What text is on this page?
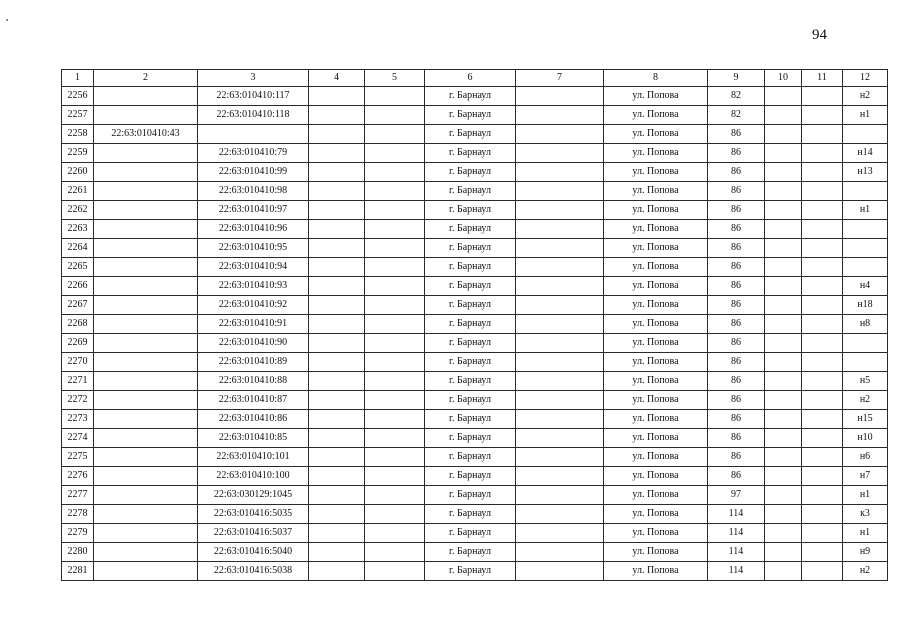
94
1	2	3	4	5	6	7	8	9	10	11	12
2256		22:63:010410:117			г. Барнаул		ул. Попова	82			н2
2257		22:63:010410:118			г. Барнаул		ул. Попова	82			н1
2258	22:63:010410:43				г. Барнаул		ул. Попова	86			
2259		22:63:010410:79			г. Барнаул		ул. Попова	86			н14
2260		22:63:010410:99			г. Барнаул		ул. Попова	86			н13
2261		22:63:010410:98			г. Барнаул		ул. Попова	86			
2262		22:63:010410:97			г. Барнаул		ул. Попова	86			н1
2263		22:63:010410:96			г. Барнаул		ул. Попова	86			
2264		22:63:010410:95			г. Барнаул		ул. Попова	86			
2265		22:63:010410:94			г. Барнаул		ул. Попова	86			
2266		22:63:010410:93			г. Барнаул		ул. Попова	86			н4
2267		22:63:010410:92			г. Барнаул		ул. Попова	86			н18
2268		22:63:010410:91			г. Барнаул		ул. Попова	86			н8
2269		22:63:010410:90			г. Барнаул		ул. Попова	86			
2270		22:63:010410:89			г. Барнаул		ул. Попова	86			
2271		22:63:010410:88			г. Барнаул		ул. Попова	86			н5
2272		22:63:010410:87			г. Барнаул		ул. Попова	86			н2
2273		22:63:010410:86			г. Барнаул		ул. Попова	86			н15
2274		22:63:010410:85			г. Барнаул		ул. Попова	86			н10
2275		22:63:010410:101			г. Барнаул		ул. Попова	86			н6
2276		22:63:010410:100			г. Барнаул		ул. Попова	86			н7
2277		22:63:030129:1045			г. Барнаул		ул. Попова	97			н1
2278		22:63:010416:5035			г. Барнаул		ул. Попова	114			к3
2279		22:63:010416:5037			г. Барнаул		ул. Попова	114			н1
2280		22:63:010416:5040			г. Барнаул		ул. Попова	114			н9
2281		22:63:010416:5038			г. Барнаул		ул. Попова	114			н2
